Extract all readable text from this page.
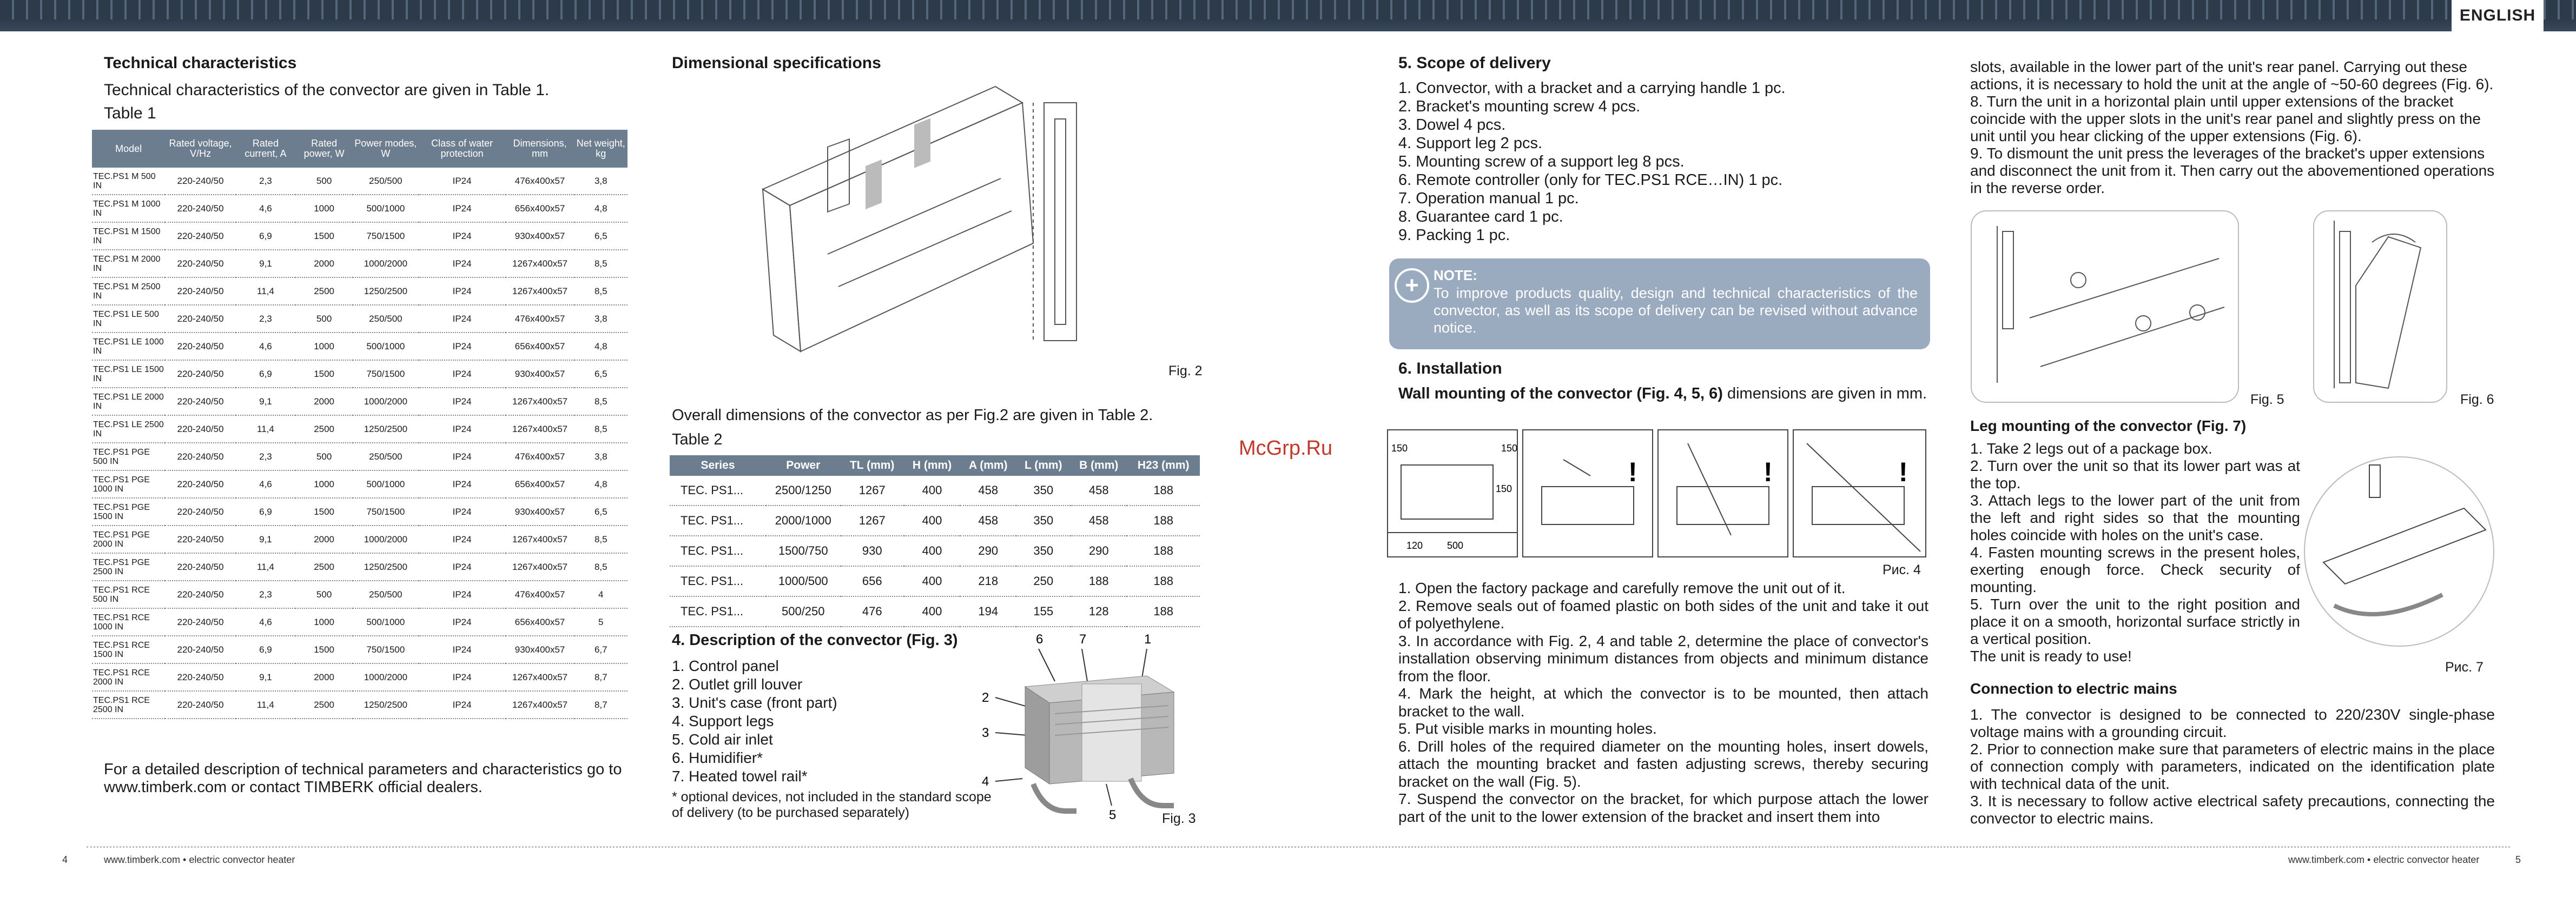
ENGLISH
Technical characteristics
Technical characteristics of the convector are given in Table 1.
Table 1
Model	Rated voltage, V/Hz	Rated current, A	Rated power, W	Power modes, W	Class of water protection	Dimensions, mm	Net weight, kg
TEC.PS1 M 500 IN	220-240/50	2,3	500	250/500	IP24	476x400x57	3,8
TEC.PS1 M 1000 IN	220-240/50	4,6	1000	500/1000	IP24	656x400x57	4,8
TEC.PS1 M 1500 IN	220-240/50	6,9	1500	750/1500	IP24	930x400x57	6,5
TEC.PS1 M 2000 IN	220-240/50	9,1	2000	1000/2000	IP24	1267x400x57	8,5
TEC.PS1 M 2500 IN	220-240/50	11,4	2500	1250/2500	IP24	1267x400x57	8,5
TEC.PS1 LE 500 IN	220-240/50	2,3	500	250/500	IP24	476x400x57	3,8
TEC.PS1 LE 1000 IN	220-240/50	4,6	1000	500/1000	IP24	656x400x57	4,8
TEC.PS1 LE 1500 IN	220-240/50	6,9	1500	750/1500	IP24	930x400x57	6,5
TEC.PS1 LE 2000 IN	220-240/50	9,1	2000	1000/2000	IP24	1267x400x57	8,5
TEC.PS1 LE 2500 IN	220-240/50	11,4	2500	1250/2500	IP24	1267x400x57	8,5
TEC.PS1 PGE 500 IN	220-240/50	2,3	500	250/500	IP24	476x400x57	3,8
TEC.PS1 PGE 1000 IN	220-240/50	4,6	1000	500/1000	IP24	656x400x57	4,8
TEC.PS1 PGE 1500 IN	220-240/50	6,9	1500	750/1500	IP24	930x400x57	6,5
TEC.PS1 PGE 2000 IN	220-240/50	9,1	2000	1000/2000	IP24	1267x400x57	8,5
TEC.PS1 PGE 2500 IN	220-240/50	11,4	2500	1250/2500	IP24	1267x400x57	8,5
TEC.PS1 RCE 500 IN	220-240/50	2,3	500	250/500	IP24	476x400x57	4
TEC.PS1 RCE 1000 IN	220-240/50	4,6	1000	500/1000	IP24	656x400x57	5
TEC.PS1 RCE 1500 IN	220-240/50	6,9	1500	750/1500	IP24	930x400x57	6,7
TEC.PS1 RCE 2000 IN	220-240/50	9,1	2000	1000/2000	IP24	1267x400x57	8,7
TEC.PS1 RCE 2500 IN	220-240/50	11,4	2500	1250/2500	IP24	1267x400x57	8,7
For a detailed description of technical parameters and characteristics go to www.timberk.com or contact TIMBERK official dealers.
Dimensional specifications
Fig. 2
Overall dimensions of the convector as per Fig.2 are given in Table 2.
Table 2
Series	Power	TL (mm)	H (mm)	A (mm)	L (mm)	B (mm)	H23 (mm)
TEC. PS1...	2500/1250	1267	400	458	350	458	188
TEC. PS1...	2000/1000	1267	400	458	350	458	188
TEC. PS1...	1500/750	930	400	290	350	290	188
TEC. PS1...	1000/500	656	400	218	250	188	188
TEC. PS1...	500/250	476	400	194	155	128	188
4. Description of the convector (Fig. 3)
1. Control panel
2. Outlet grill louver
3. Unit's case (front part)
4. Support legs
5. Cold air inlet
6. Humidifier*
7. Heated towel rail*
* optional devices, not included in the standard scope of delivery (to be purchased separately)
6	7	1
2
3
4
5	Fig. 3
McGrp.Ru
5. Scope of delivery
1. Convector, with a bracket and a carrying handle 1 pc.
2. Bracket's mounting screw 4 pcs.
3. Dowel 4 pcs.
4. Support leg 2 pcs.
5. Mounting screw of a support leg 8 pcs.
6. Remote controller (only for TEC.PS1 RCE…IN) 1 pc.
7. Operation manual 1 pc.
8. Guarantee card 1 pc.
9. Packing 1 pc.
+	NOTE:
To improve products quality, design and technical characteristics of the convector, as well as its scope of delivery can be revised without advance notice.
6. Installation
Wall mounting of the convector (Fig. 4, 5, 6) dimensions are given in mm.
!	!	!
150	150
150
500
120
Рис. 4
1. Open the factory package and carefully remove the unit out of it.
2. Remove seals out of foamed plastic on both sides of the unit and take it out of polyethylene.
3. In accordance with Fig. 2, 4 and table 2, determine the place of convector's installation observing minimum distances from objects and minimum distance from the floor.
4. Mark the height, at which the convector is to be mounted, then attach bracket to the wall.
5. Put visible marks in mounting holes.
6. Drill holes of the required diameter on the mounting holes, insert dowels, attach the mounting bracket and fasten adjusting screws, thereby securing bracket on the wall (Fig. 5).
7. Suspend the convector on the bracket, for which purpose attach the lower part of the unit to the lower extension of the bracket and insert them into
slots, available in the lower part of the unit's rear panel. Carrying out these actions, it is necessary to hold the unit at the angle of ~50-60 degrees (Fig. 6).
8. Turn the unit in a horizontal plain until upper extensions of the bracket coincide with the upper slots in the unit's rear panel and slightly press on the unit until you hear clicking of the upper extensions (Fig. 6).
9. To dismount the unit press the leverages of the bracket's upper extensions and disconnect the unit from it. Then carry out the abovementioned operations in the reverse order.
Fig. 5	Fig. 6
Leg mounting of the convector (Fig. 7)
1. Take 2 legs out of a package box.
2. Turn over the unit so that its lower part was at the top.
3. Attach legs to the lower part of the unit from the left and right sides so that the mounting holes coincide with holes on the unit's case.
4. Fasten mounting screws in the present holes, exerting enough force. Check security of mounting.
5. Turn over the unit to the right position and place it on a smooth, horizontal surface strictly in a vertical position.
The unit is ready to use!
Рис. 7
Connection to electric mains
1. The convector is designed to be connected to 220/230V single-phase voltage mains with a grounding circuit.
2. Prior to connection make sure that parameters of electric mains in the place of connection comply with parameters, indicated on the identification plate with technical data of the unit.
3. It is necessary to follow active electrical safety precautions, connecting the convector to electric mains.
4	www.timberk.com • electric convector heater	www.timberk.com • electric convector heater	5
